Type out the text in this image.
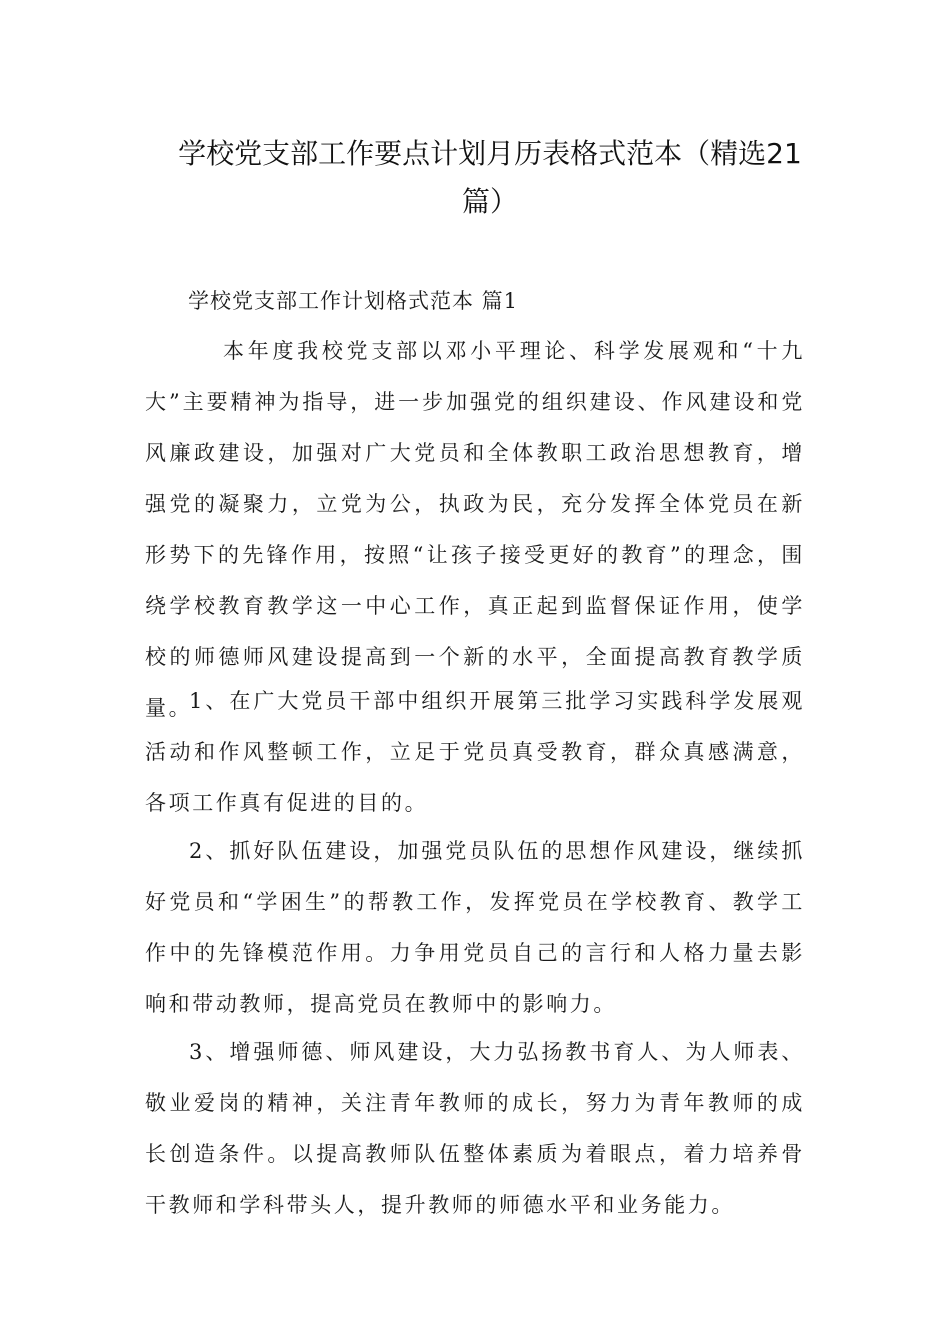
学校党支部工作要点计划月历表格式范本（精选21
篇）
学校党支部工作计划格式范本 篇1

本年度我校党支部以邓小平理论、科学发展观和“十九大”主要精神为指导，进一步加强党的组织建设、作风建设和党风廉政建设，加强对广大党员和全体教职工政治思想教育，增强党的凝聚力，立党为公，执政为民，充分发挥全体党员在新形势下的先锋作用，按照“让孩子接受更好的教育”的理念，围绕学校教育教学这一中心工作，真正起到监督保证作用，使学校的师德师风建设提高到一个新的水平，全面提高教育教学质量。

1、在广大党员干部中组织开展第三批学习实践科学发展观活动和作风整顿工作，立足于党员真受教育，群众真感满意，各项工作真有促进的目的。

2、抓好队伍建设，加强党员队伍的思想作风建设，继续抓好党员和“学困生”的帮教工作，发挥党员在学校教育、教学工作中的先锋模范作用。力争用党员自己的言行和人格力量去影响和带动教师，提高党员在教师中的影响力。

3、增强师德、师风建设，大力弘扬教书育人、为人师表、敬业爱岗的精神，关注青年教师的成长，努力为青年教师的成长创造条件。以提高教师队伍整体素质为着眼点，着力培养骨干教师和学科带头人，提升教师的师德水平和业务能力。
